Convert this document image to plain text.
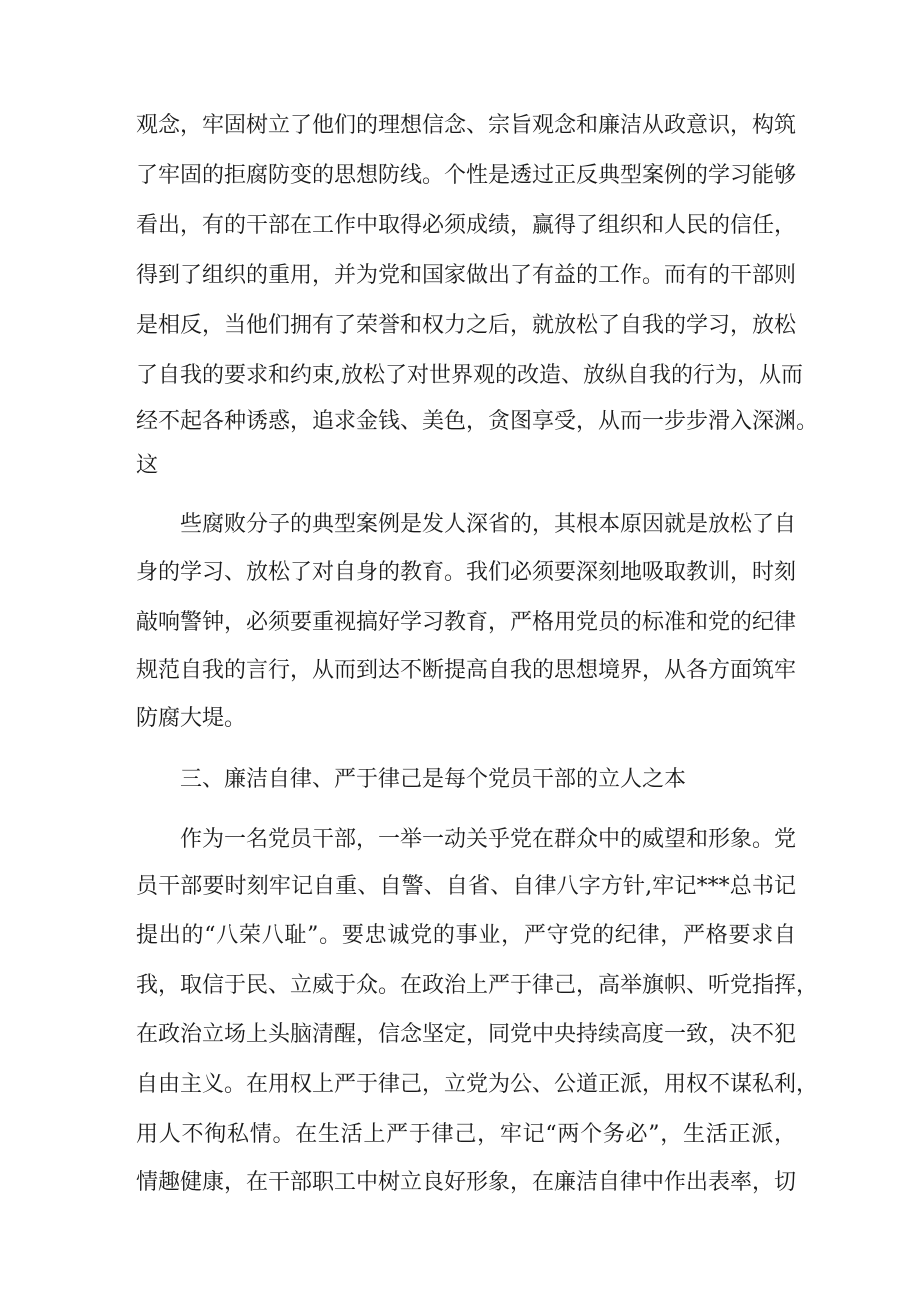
观念，牢固树立了他们的理想信念、宗旨观念和廉洁从政意识，构筑
了牢固的拒腐防变的思想防线。个性是透过正反典型案例的学习能够
看出，有的干部在工作中取得必须成绩，赢得了组织和人民的信任，
得到了组织的重用，并为党和国家做出了有益的工作。而有的干部则
是相反，当他们拥有了荣誉和权力之后，就放松了自我的学习，放松
了自我的要求和约束,放松了对世界观的改造、放纵自我的行为，从而
经不起各种诱惑，追求金钱、美色，贪图享受，从而一步步滑入深渊。
这
些腐败分子的典型案例是发人深省的，其根本原因就是放松了自
身的学习、放松了对自身的教育。我们必须要深刻地吸取教训，时刻
敲响警钟，必须要重视搞好学习教育，严格用党员的标准和党的纪律
规范自我的言行，从而到达不断提高自我的思想境界，从各方面筑牢
防腐大堤。
三、廉洁自律、严于律己是每个党员干部的立人之本
作为一名党员干部，一举一动关乎党在群众中的威望和形象。党
员干部要时刻牢记自重、自警、自省、自律八字方针,牢记***总书记
提出的“八荣八耻”。要忠诚党的事业，严守党的纪律，严格要求自
我，取信于民、立威于众。在政治上严于律己，高举旗帜、听党指挥，
在政治立场上头脑清醒，信念坚定，同党中央持续高度一致，决不犯
自由主义。在用权上严于律己，立党为公、公道正派，用权不谋私利，
用人不徇私情。在生活上严于律己，牢记“两个务必”，生活正派，
情趣健康，在干部职工中树立良好形象，在廉洁自律中作出表率，切
